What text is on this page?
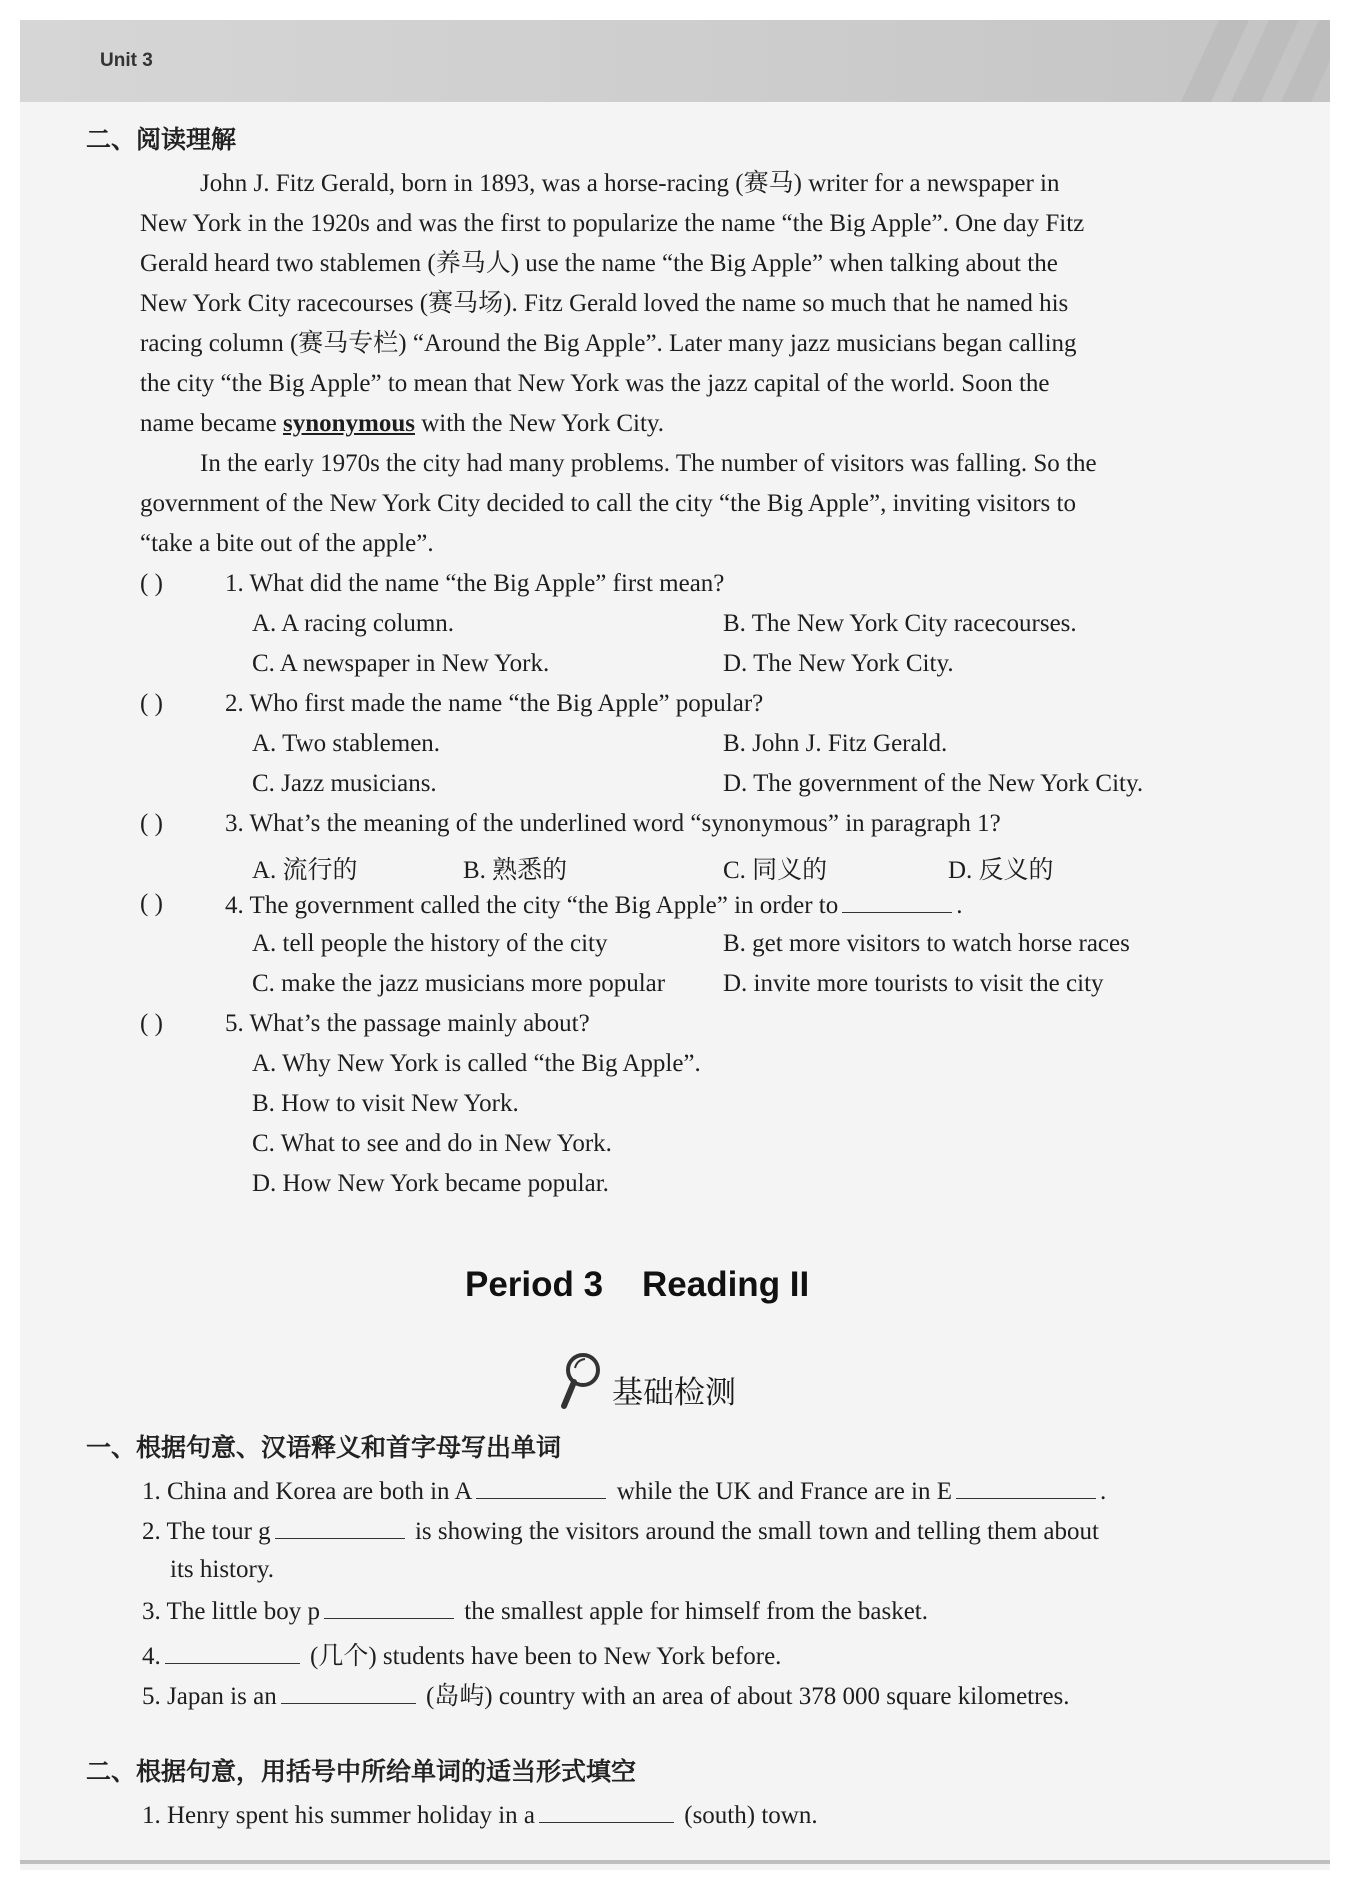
Unit 3
二、阅读理解
John J. Fitz Gerald, born in 1893, was a horse-racing (赛马) writer for a newspaper in
New York in the 1920s and was the first to popularize the name “the Big Apple”. One day Fitz
Gerald heard two stablemen (养马人) use the name “the Big Apple” when talking about the
New York City racecourses (赛马场). Fitz Gerald loved the name so much that he named his
racing column (赛马专栏) “Around the Big Apple”. Later many jazz musicians began calling
the city “the Big Apple” to mean that New York was the jazz capital of the world. Soon the
name became synonymous with the New York City.
In the early 1970s the city had many problems. The number of visitors was falling. So the
government of the New York City decided to call the city “the Big Apple”, inviting visitors to
“take a bite out of the apple”.
( ) 1. What did the name “the Big Apple” first mean?
A. A racing column.	B. The New York City racecourses.
C. A newspaper in New York.	D. The New York City.
( ) 2. Who first made the name “the Big Apple” popular?
A. Two stablemen.	B. John J. Fitz Gerald.
C. Jazz musicians.	D. The government of the New York City.
( ) 3. What’s the meaning of the underlined word “synonymous” in paragraph 1?
A. 流行的	B. 熟悉的	C. 同义的	D. 反义的
( ) 4. The government called the city “the Big Apple” in order to	.
A. tell people the history of the city	B. get more visitors to watch horse races
C. make the jazz musicians more popular D. invite more tourists to visit the city
( ) 5. What’s the passage mainly about?
A. Why New York is called “the Big Apple”.
B. How to visit New York.
C. What to see and do in New York.
D. How New York became popular.
Period 3    Reading II
基础检测
一、根据句意、汉语释义和首字母写出单词
1. China and Korea are both in A	while the UK and France are in E	.
2. The tour g	is showing the visitors around the small town and telling them about
its history.
3. The little boy p	the smallest apple for himself from the basket.
4.	(几个) students have been to New York before.
5. Japan is an	(岛屿) country with an area of about 378 000 square kilometres.
二、根据句意，用括号中所给单词的适当形式填空
1. Henry spent his summer holiday in a	(south) town.
